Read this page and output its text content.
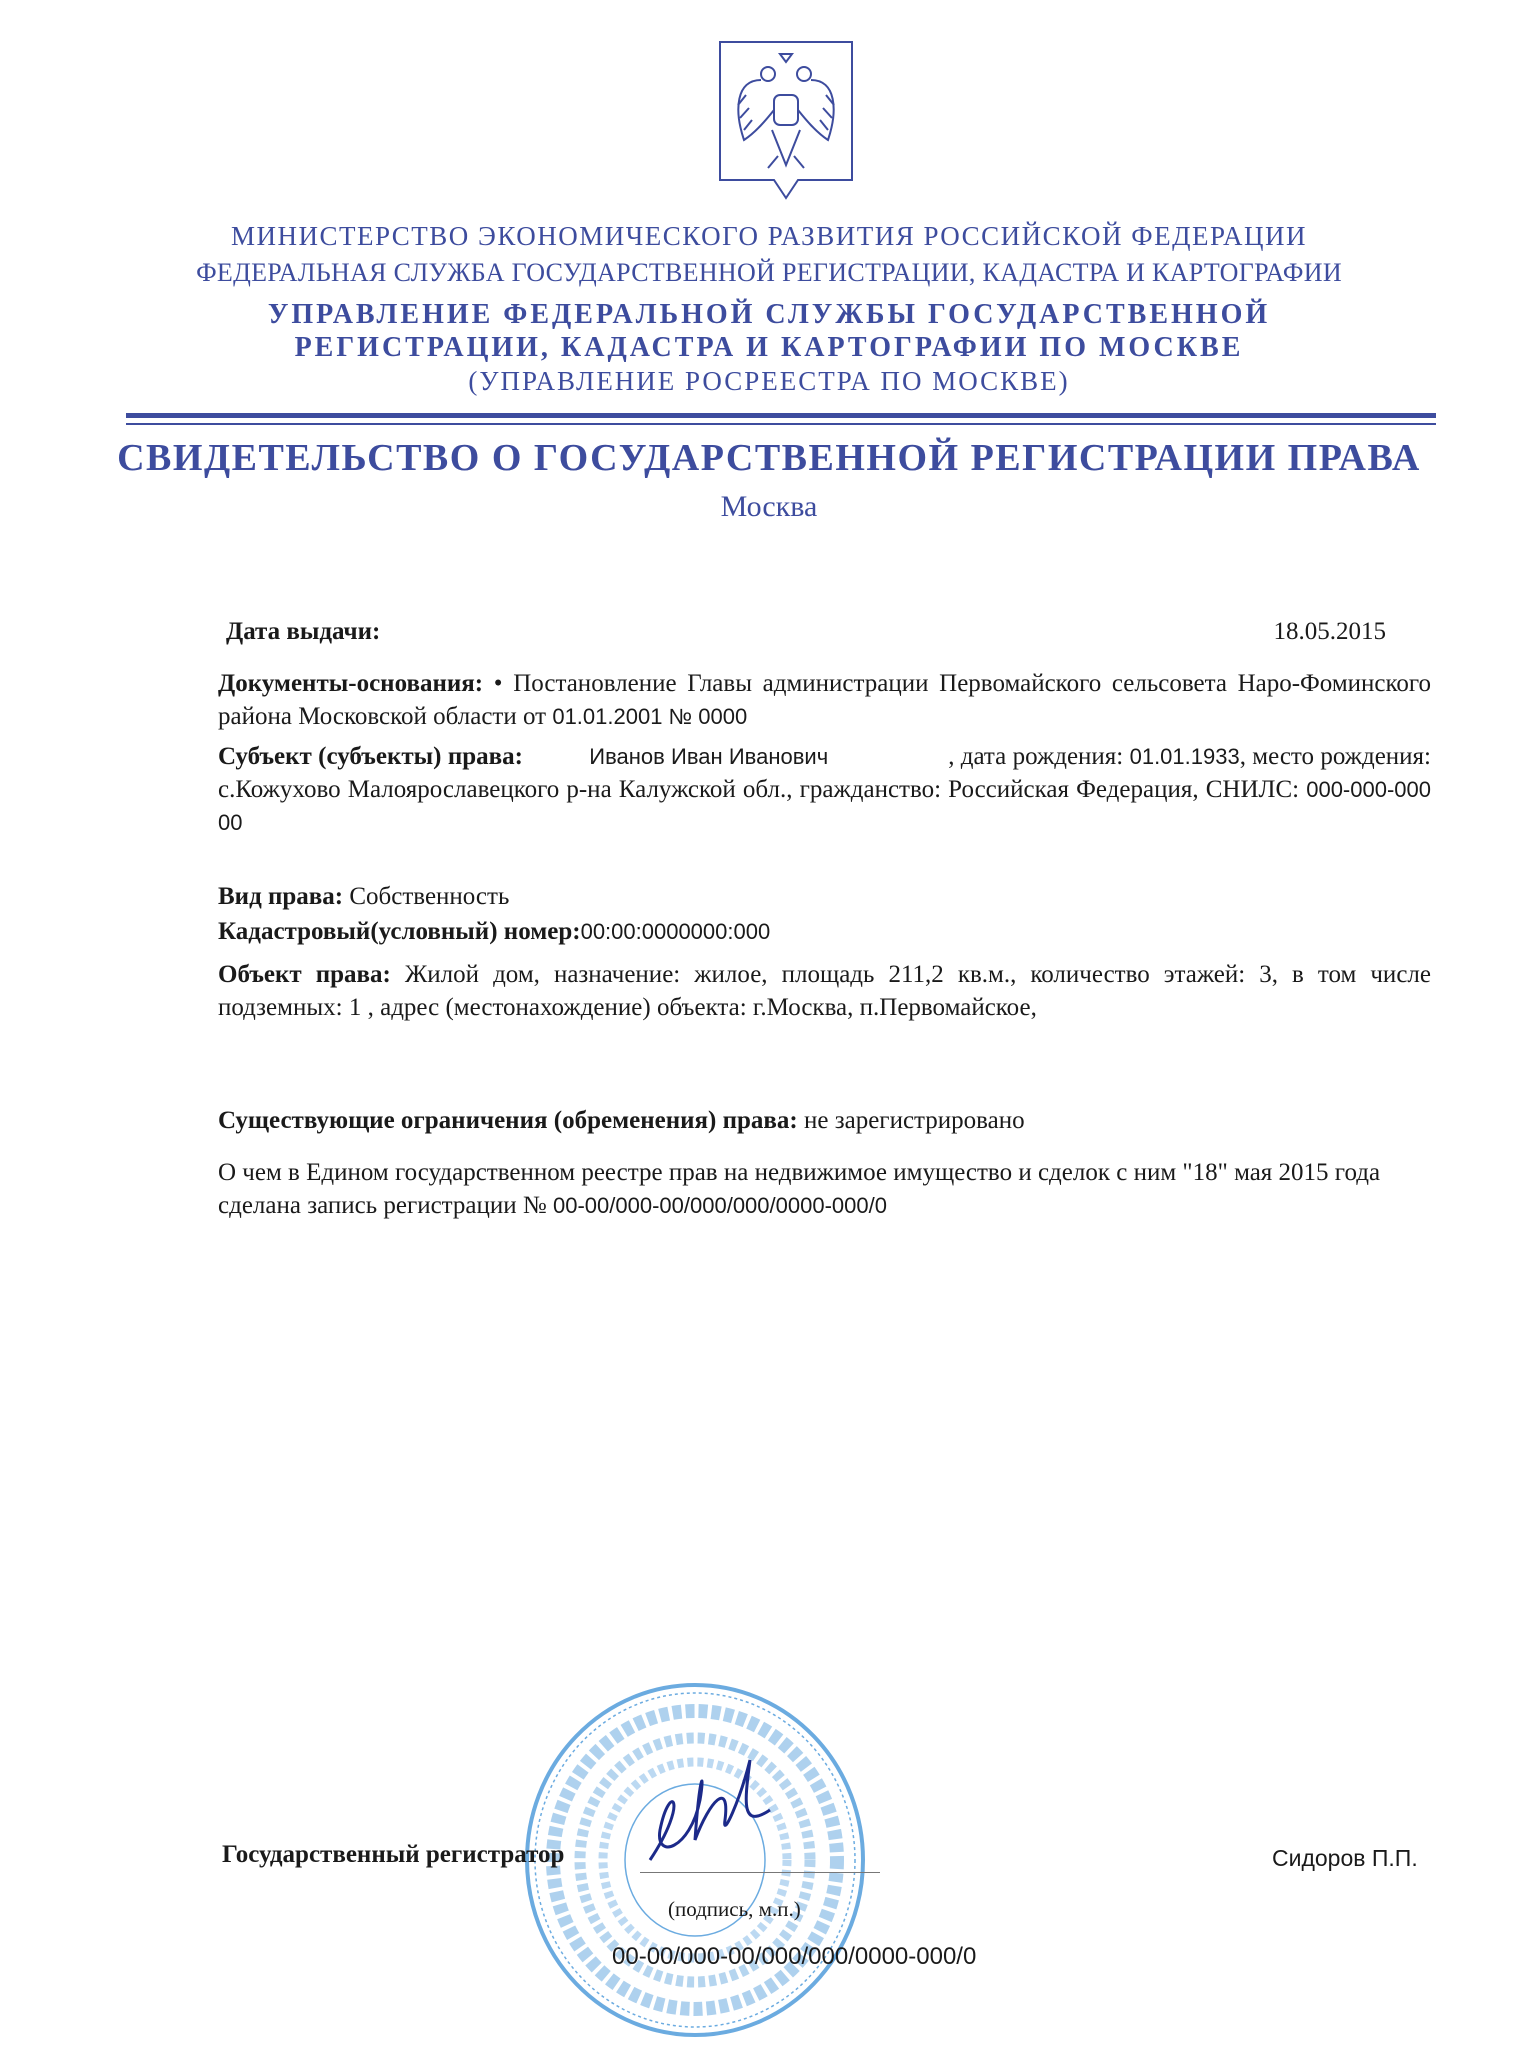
МИНИСТЕРСТВО ЭКОНОМИЧЕСКОГО РАЗВИТИЯ РОССИЙСКОЙ ФЕДЕРАЦИИ
ФЕДЕРАЛЬНАЯ СЛУЖБА ГОСУДАРСТВЕННОЙ РЕГИСТРАЦИИ, КАДАСТРА И КАРТОГРАФИИ
УПРАВЛЕНИЕ ФЕДЕРАЛЬНОЙ СЛУЖБЫ ГОСУДАРСТВЕННОЙ
РЕГИСТРАЦИИ, КАДАСТРА И КАРТОГРАФИИ ПО МОСКВЕ
(УПРАВЛЕНИЕ РОСРЕЕСТРА ПО МОСКВЕ)
СВИДЕТЕЛЬСТВО О ГОСУДАРСТВЕННОЙ РЕГИСТРАЦИИ ПРАВА
Москва
Дата выдачи:	18.05.2015
Документы-основания: • Постановление Главы администрации Первомайского сельсовета Наро-Фоминского района Московской области от 01.01.2001 № 0000
Субъект (субъекты) права:	Иванов Иван Иванович	, дата рождения: 01.01.1933, место рождения: с.Кожухово Малоярославецкого р-на Калужской обл., гражданство: Российская Федерация, СНИЛС: 000-000-000 00
Вид права: Собственность
Кадастровый(условный) номер:00:00:0000000:000
Объект права: Жилой дом, назначение: жилое, площадь 211,2 кв.м., количество этажей: 3, в том числе подземных: 1 , адрес (местонахождение) объекта: г.Москва, п.Первомайское,
Существующие ограничения (обременения) права: не зарегистрировано
О чем в Едином государственном реестре прав на недвижимое имущество и сделок с ним "18" мая 2015 года сделана запись регистрации № 00-00/000-00/000/000/0000-000/0
Государственный регистратор
(подпись, м.п.)
Сидоров П.П.
00-00/000-00/000/000/0000-000/0
